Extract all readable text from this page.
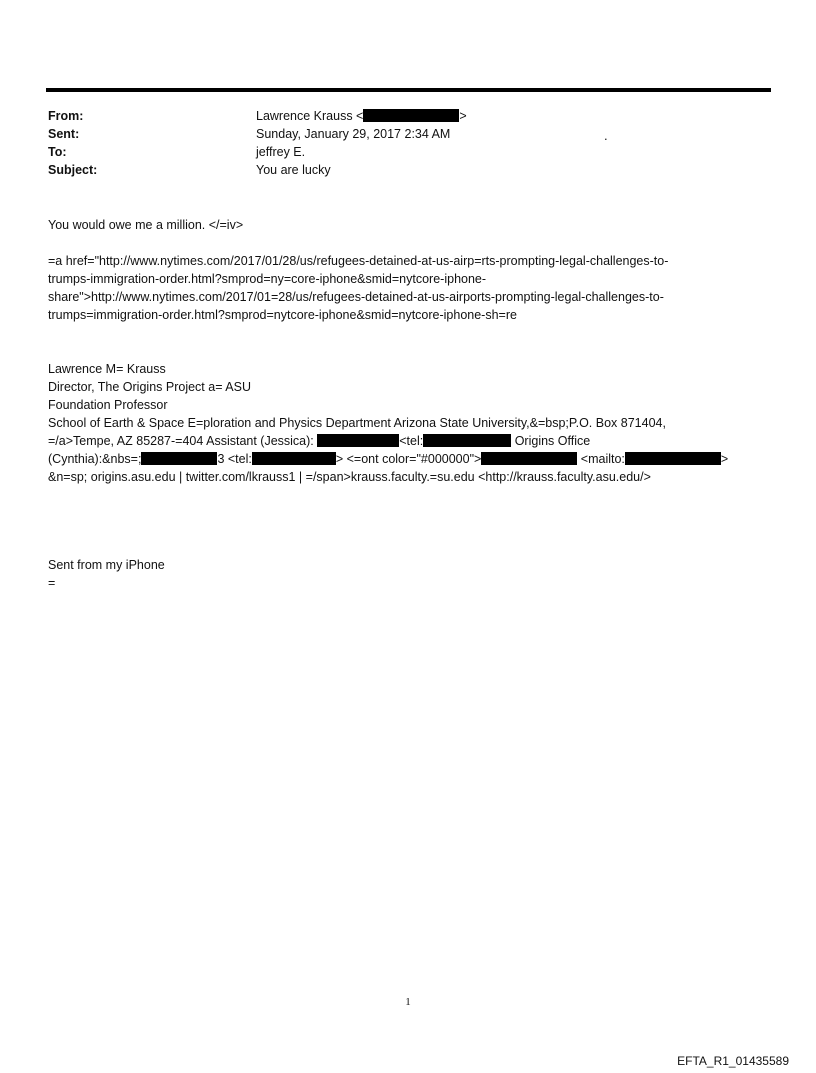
From:	Lawrence Krauss <	>
Sent:	Sunday, January 29, 2017 2:34 AM	.
To:	jeffrey E.
Subject:	You are lucky

You would owe me a million. </=iv>

=a href="http://www.nytimes.com/2017/01/28/us/refugees-detained-at-us-airp=rts-prompting-legal-challenges-to-

trumps-immigration-order.html?smprod=ny=core-iphone&smid=nytcore-iphone-

share">http://www.nytimes.com/2017/01=28/us/refugees-detained-at-us-airports-prompting-legal-challenges-to-

trumps=immigration-order.html?smprod=nytcore-iphone&smid=nytcore-iphone-sh=re

Lawrence M= Krauss

Director, The Origins Project a= ASU

Foundation Professor

School of Earth & Space E=ploration and Physics Department Arizona State University,&=bsp;P.O. Box 871404,

=/a>Tempe, AZ 85287-=404 Assistant (Jessica):	<tel:	Origins Office

(Cynthia):&nbs=;	3 <tel:	> <=ont color="#000000">	<mailto:	>

&n=sp; origins.asu.edu | twitter.com/lkrauss1 | =/span>krauss.faculty.=su.edu <http://krauss.faculty.asu.edu/>

Sent from my iPhone

=

1
EFTA_R1_01435589
